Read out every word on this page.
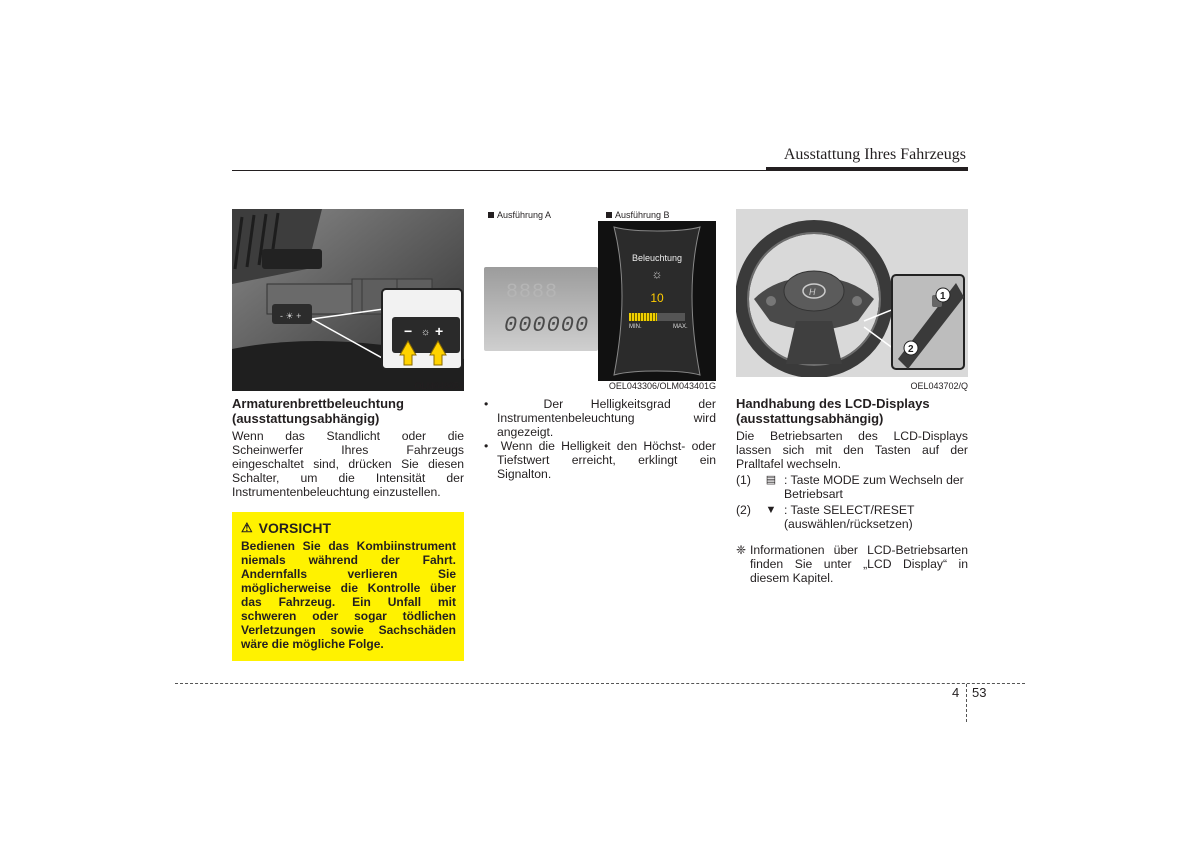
Ausstattung Ihres Fahrzeugs
- ☀ +
− ☼ +
OLM049052
Ausführung A	Ausführung B
8888
000000
Beleuchtung
☼
10
MIN.	MAX.
OEL043306/OLM043401G
H	1
2
OEL043702/Q
Armaturenbrettbeleuchtung (ausstattungsabhängig)
Wenn das Standlicht oder die Scheinwerfer Ihres Fahrzeugs eingeschaltet sind, drücken Sie diesen Schalter, um die Intensität der Instrumentenbeleuchtung einzustellen.
⚠ VORSICHT
Bedienen Sie das Kombiinstrument niemals während der Fahrt. Andernfalls verlieren Sie möglicherweise die Kontrolle über das Fahrzeug. Ein Unfall mit schweren oder sogar tödlichen Verletzungen sowie Sachschäden wäre die mögliche Folge.

•  Der Helligkeitsgrad der Instrumentenbeleuchtung wird angezeigt.

•  Wenn die Helligkeit den Höchst- oder Tiefstwert erreicht, erklingt ein Signalton.

Handhabung des LCD-Displays (ausstattungsabhängig)
Die Betriebsarten des LCD-Displays lassen sich mit den Tasten auf der Pralltafel wechseln.
(1)	▤ : Taste MODE zum Wechseln der Betriebsart
(2)	▼ : Taste SELECT/RESET (auswählen/rücksetzen)
❈ Informationen über LCD-Betriebsarten finden Sie unter „LCD Display“ in diesem Kapitel.
4 53
